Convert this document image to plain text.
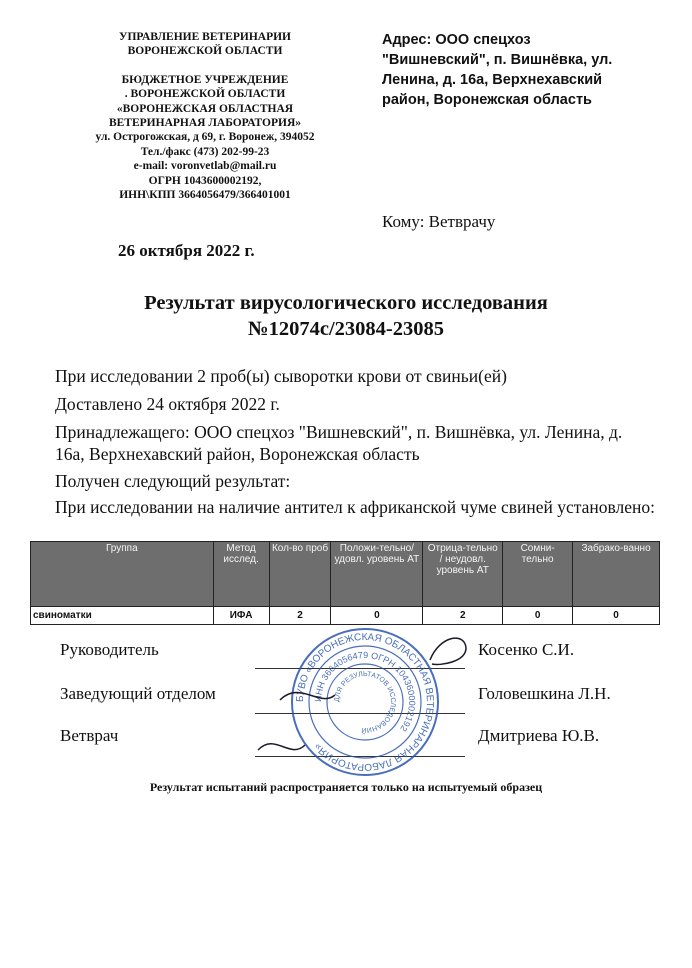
УПРАВЛЕНИЕ ВЕТЕРИНАРИИ
ВОРОНЕЖСКОЙ ОБЛАСТИ
БЮДЖЕТНОЕ УЧРЕЖДЕНИЕ
. ВОРОНЕЖСКОЙ ОБЛАСТИ
«ВОРОНЕЖСКАЯ ОБЛАСТНАЯ
ВЕТЕРИНАРНАЯ ЛАБОРАТОРИЯ»
ул. Острогожская, д 69, г. Воронеж, 394052
Тел./факс (473) 202-99-23
e-mail: voronvetlab@mail.ru
ОГРН 1043600002192,
ИНН\КПП 3664056479/366401001
Адрес: ООО спецхоз "Вишневский", п. Вишнёвка, ул. Ленина, д. 16а, Верхнехавский район, Воронежская область
Кому: Ветврачу
26 октября 2022 г.
Результат вирусологического исследования
№12074с/23084-23085
При исследовании 2 проб(ы) сыворотки крови от свиньи(ей)
Доставлено 24 октября 2022 г.
Принадлежащего: ООО спецхоз "Вишневский", п. Вишнёвка, ул. Ленина, д. 16а, Верхнехавский район, Воронежская область
Получен следующий результат:
При исследовании на наличие антител к африканской чуме свиней установлено:
Группа	Метод исслед.	Кол-во проб	Положи-тельно/ удовл. уровень АТ	Отрица-тельно / неудовл. уровень АТ	Сомни-тельно	Забрако-ванно
свиноматки	ИФА	2	0	2	0	0
Руководитель	Косенко С.И.
Заведующий отделом	Головешкина Л.Н.
Ветврач	Дмитриева Ю.В.
БУВО «ВОРОНЕЖСКАЯ ОБЛАСТНАЯ ВЕТЕРИНАРНАЯ ЛАБОРАТОРИЯ»
ИНН 3664056479 ОГРН 1043600002192
ДЛЯ РЕЗУЛЬТАТОВ ИССЛЕДОВАНИЙ
Результат испытаний распространяется только на испытуемый образец
